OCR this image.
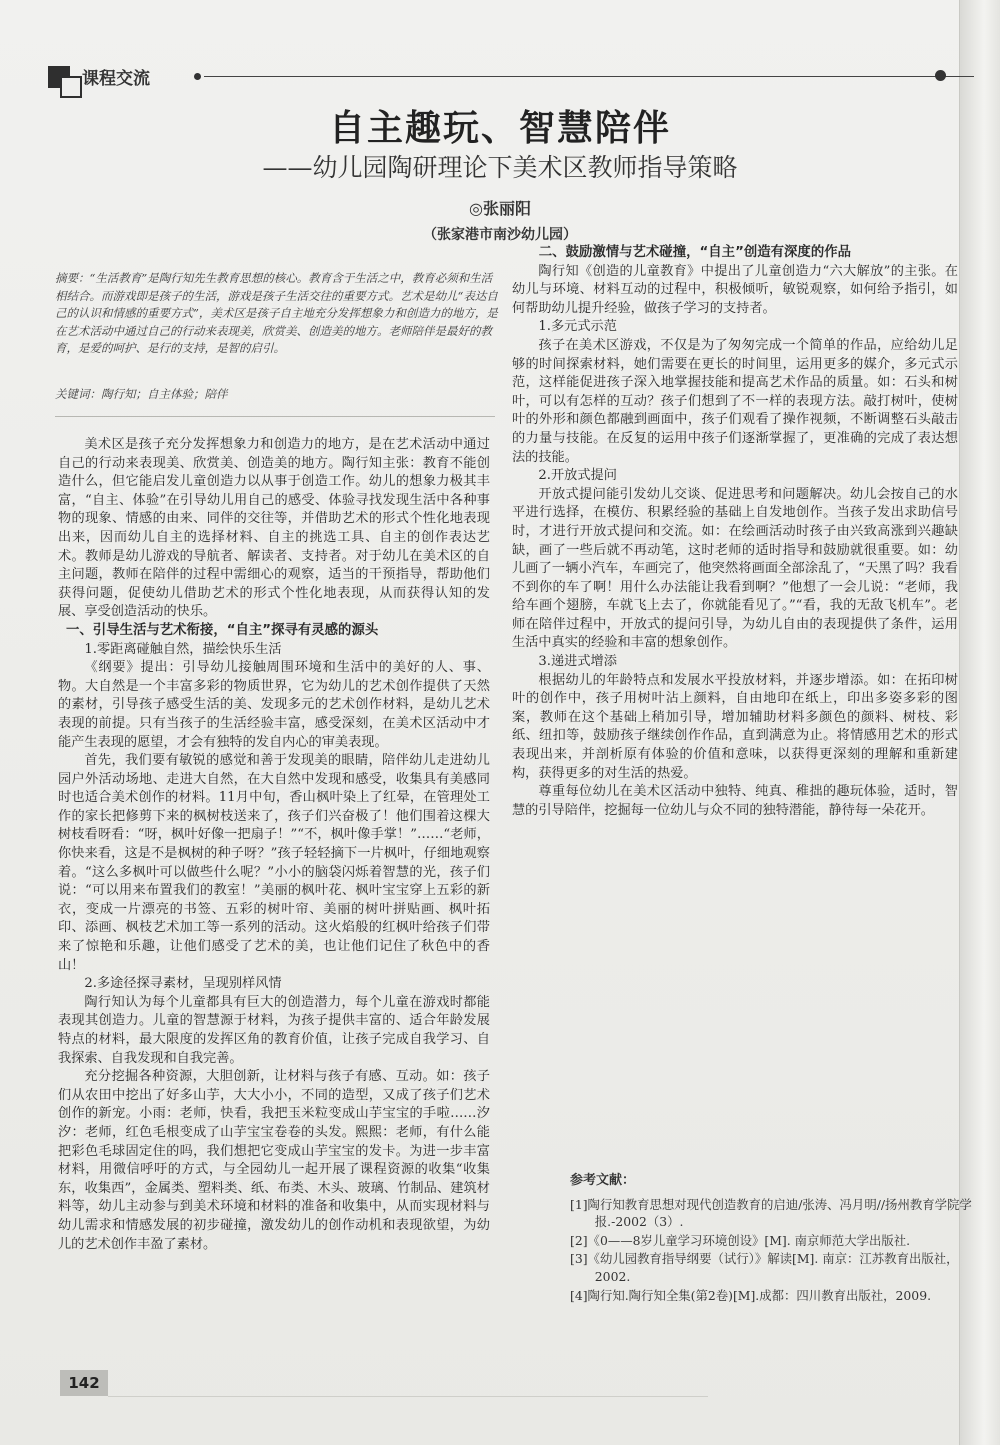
课程交流
自主趣玩、智慧陪伴
——幼儿园陶研理论下美术区教师指导策略
◎张丽阳
（张家港市南沙幼儿园）
摘要：“生活教育”是陶行知先生教育思想的核心。教育含于生活之中，教育必须和生活相结合。而游戏即是孩子的生活，游戏是孩子生活交往的重要方式。艺术是幼儿“表达自己的认识和情感的重要方式”，美术区是孩子自主地充分发挥想象力和创造力的地方，是在艺术活动中通过自己的行动来表现美，欣赏美、创造美的地方。老师陪伴是最好的教育，是爱的呵护、是行的支持，是智的启引。
关键词：陶行知；自主体验；陪伴

美术区是孩子充分发挥想象力和创造力的地方，是在艺术活动中通过自己的行动来表现美、欣赏美、创造美的地方。陶行知主张：教育不能创造什么，但它能启发儿童创造力以从事于创造工作。幼儿的想象力极其丰富，“自主、体验”在引导幼儿用自己的感受、体验寻找发现生活中各种事物的现象、情感的由来、同伴的交往等，并借助艺术的形式个性化地表现出来，因而幼儿自主的选择材料、自主的挑选工具、自主的创作表达艺术。教师是幼儿游戏的导航者、解读者、支持者。对于幼儿在美术区的自主问题，教师在陪伴的过程中需细心的观察，适当的干预指导，帮助他们获得问题，促使幼儿借助艺术的形式个性化地表现，从而获得认知的发展、享受创造活动的快乐。

一、引导生活与艺术衔接，“自主”探寻有灵感的源头
1.零距离碰触自然，描绘快乐生活

《纲要》提出：引导幼儿接触周围环境和生活中的美好的人、事、物。大自然是一个丰富多彩的物质世界，它为幼儿的艺术创作提供了天然的素材，引导孩子感受生活的美、发现多元的艺术创作材料，是幼儿艺术表现的前提。只有当孩子的生活经验丰富，感受深刻，在美术区活动中才能产生表现的愿望，才会有独特的发自内心的审美表现。

首先，我们要有敏锐的感觉和善于发现美的眼睛，陪伴幼儿走进幼儿园户外活动场地、走进大自然，在大自然中发现和感受，收集具有美感同时也适合美术创作的材料。11月中旬，香山枫叶染上了红晕，在管理处工作的家长把修剪下来的枫树枝送来了，孩子们兴奋极了！他们围着这棵大树枝看呀看：“呀，枫叶好像一把扇子！”“不，枫叶像手掌！”……“老师，你快来看，这是不是枫树的种子呀？”孩子轻轻摘下一片枫叶，仔细地观察着。“这么多枫叶可以做些什么呢？”小小的脑袋闪烁着智慧的光，孩子们说：“可以用来布置我们的教室！”美丽的枫叶花、枫叶宝宝穿上五彩的新衣，变成一片漂亮的书签、五彩的树叶帘、美丽的树叶拼贴画、枫叶拓印、添画、枫枝艺术加工等一系列的活动。这火焰般的红枫叶给孩子们带来了惊艳和乐趣，让他们感受了艺术的美，也让他们记住了秋色中的香山！

2.多途径探寻素材，呈现别样风情

陶行知认为每个儿童都具有巨大的创造潜力，每个儿童在游戏时都能表现其创造力。儿童的智慧源于材料，为孩子提供丰富的、适合年龄发展特点的材料，最大限度的发挥区角的教育价值，让孩子完成自我学习、自我探索、自我发现和自我完善。

充分挖掘各种资源，大胆创新，让材料与孩子有感、互动。如：孩子们从农田中挖出了好多山芋，大大小小，不同的造型，又成了孩子们艺术创作的新宠。小雨：老师，快看，我把玉米粒变成山芋宝宝的手啦……汐汐：老师，红色毛根变成了山芋宝宝卷卷的头发。熙熙：老师，有什么能把彩色毛球固定住的吗，我们想把它变成山芋宝宝的发卡。为进一步丰富材料，用微信呼吁的方式，与全园幼儿一起开展了课程资源的收集“收集东，收集西”，金属类、塑料类、纸、布类、木头、玻璃、竹制品、建筑材料等，幼儿主动参与到美术环境和材料的准备和收集中，从而实现材料与幼儿需求和情感发展的初步碰撞，激发幼儿的创作动机和表现欲望，为幼儿的艺术创作丰盈了素材。

二、鼓励激情与艺术碰撞，“自主”创造有深度的作品

陶行知《创造的儿童教育》中提出了儿童创造力“六大解放”的主张。在幼儿与环境、材料互动的过程中，积极倾听，敏锐观察，如何给予指引，如何帮助幼儿提升经验，做孩子学习的支持者。

1.多元式示范

孩子在美术区游戏，不仅是为了匆匆完成一个简单的作品，应给幼儿足够的时间探索材料，她们需要在更长的时间里，运用更多的媒介，多元式示范，这样能促进孩子深入地掌握技能和提高艺术作品的质量。如：石头和树叶，可以有怎样的互动？孩子们想到了不一样的表现方法。敲打树叶，使树叶的外形和颜色都融到画面中，孩子们观看了操作视频，不断调整石头敲击的力量与技能。在反复的运用中孩子们逐渐掌握了，更准确的完成了表达想法的技能。

2.开放式提问

开放式提问能引发幼儿交谈、促进思考和问题解决。幼儿会按自己的水平进行选择，在模仿、积累经验的基础上自发地创作。当孩子发出求助信号时，才进行开放式提问和交流。如：在绘画活动时孩子由兴致高涨到兴趣缺缺，画了一些后就不再动笔，这时老师的适时指导和鼓励就很重要。如：幼儿画了一辆小汽车，车画完了，他突然将画面全部涂乱了，“天黑了吗？我看不到你的车了啊！用什么办法能让我看到啊？”他想了一会儿说：“老师，我给车画个翅膀，车就飞上去了，你就能看见了。”“看，我的无敌飞机车”。老师在陪伴过程中，开放式的提问引导，为幼儿自由的表现提供了条件，运用生活中真实的经验和丰富的想象创作。

3.递进式增添

根据幼儿的年龄特点和发展水平投放材料，并逐步增添。如：在拓印树叶的创作中，孩子用树叶沾上颜料，自由地印在纸上，印出多姿多彩的图案，教师在这个基础上稍加引导，增加辅助材料多颜色的颜料、树枝、彩纸、纽扣等，鼓励孩子继续创作作品，直到满意为止。将情感用艺术的形式表现出来，并剖析原有体验的价值和意味，以获得更深刻的理解和重新建构，获得更多的对生活的热爱。

尊重每位幼儿在美术区活动中独特、纯真、稚拙的趣玩体验，适时，智慧的引导陪伴，挖掘每一位幼儿与众不同的独特潜能，静待每一朵花开。

参考文献：
[1]陶行知教育思想对现代创造教育的启迪/张涛、冯月明//扬州教育学院学报.-2002（3）.
[2]《0——8岁儿童学习环境创设》[M]. 南京师范大学出版社.
[3]《幼儿园教育指导纲要（试行）》解读[M]. 南京：江苏教育出版社，2002.
[4]陶行知.陶行知全集(第2卷)[M].成都：四川教育出版社，2009.
142
